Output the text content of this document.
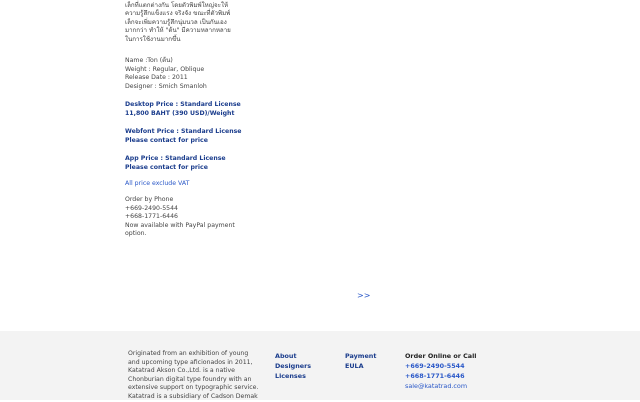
เล็กที่แตกต่างกัน โดยตัวพิมพ์ใหญ่จะให้
ความรู้สึกแข็งแรง จริงจัง ขณะที่ตัวพิมพ์
เล็กจะเพิ่มความรู้สึกนุ่มนวล เป็นกันเอง
มากกว่า ทำให้ "ต้น" มีความหลากหลาย
ในการใช้งานมากขึ้น
Name :Ton (ต้น)
Weight : Regular, Oblique
Release Date : 2011
Designer : Smich Smanloh
Desktop Price : Standard License
11,800 BAHT (390 USD)/Weight
Webfont Price : Standard License
Please contact for price
App Price : Standard License
Please contact for price
All price exclude VAT
Order by Phone
+669-2490-5544
+668-1771-6446
Now available with PayPal payment
option.
>>
Originated from an exhibition of young
and upcoming type aficionados in 2011,
Katatrad Akson Co.,Ltd. is a native
Chonburian digital type foundry with an
extensive support on typographic service.
Katatrad is a subsidiary of Cadson Demak
About
Designers
Licenses
Payment
EULA
Order Online or Call
+669-2490-5544
+668-1771-6446
sale@katatrad.com
